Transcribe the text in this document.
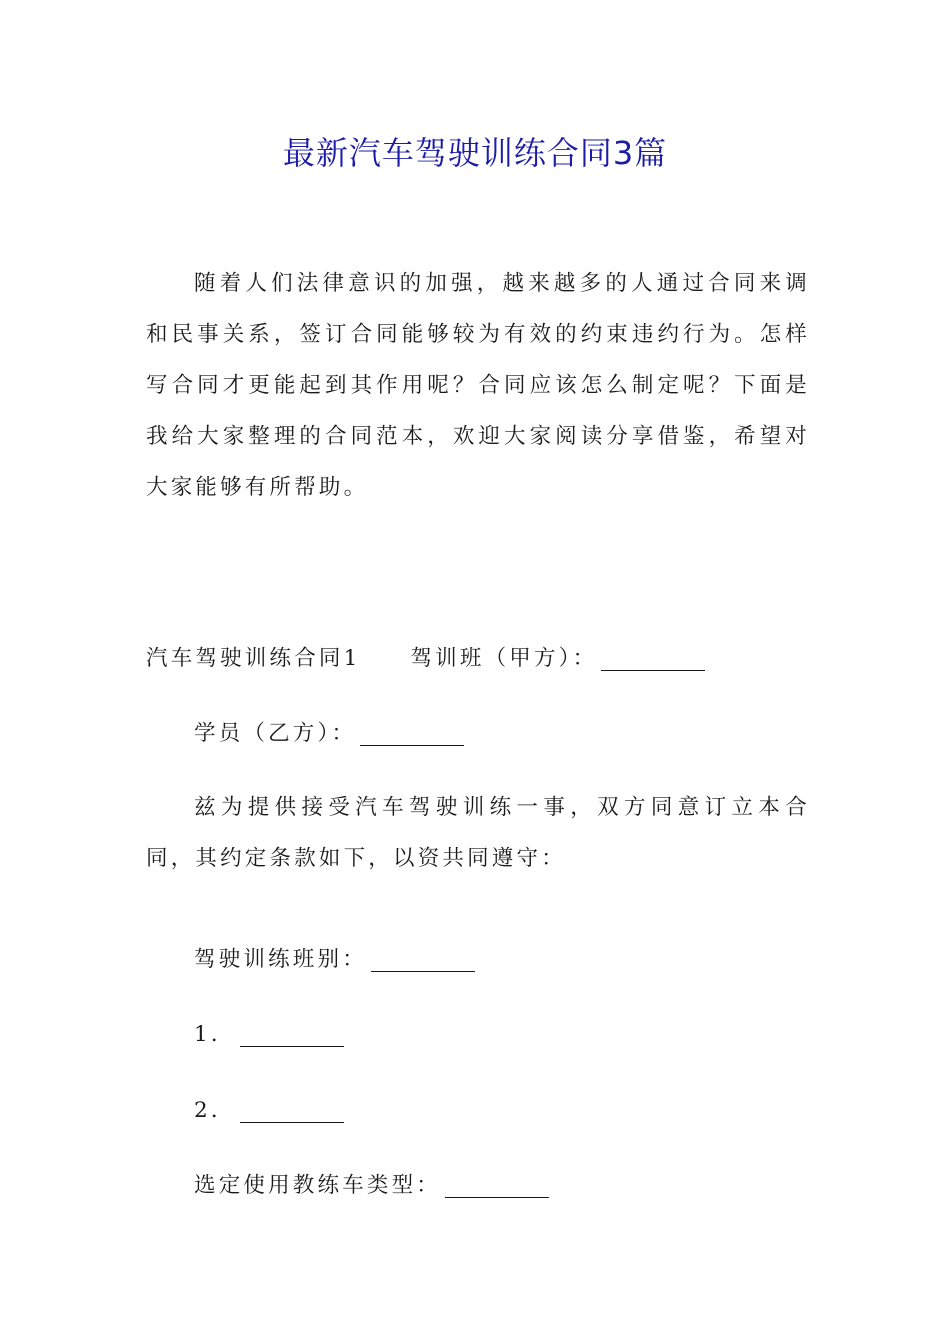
最新汽车驾驶训练合同3篇
随着人们法律意识的加强，越来越多的人通过合同来调和民事关系，签订合同能够较为有效的约束违约行为。怎样写合同才更能起到其作用呢？合同应该怎么制定呢？下面是我给大家整理的合同范本，欢迎大家阅读分享借鉴，希望对大家能够有所帮助。
汽车驾驶训练合同1 驾训班（甲方）：
学员（乙方）：
兹为提供接受汽车驾驶训练一事，双方同意订立本合同，其约定条款如下，以资共同遵守：
驾驶训练班别：
1．
2．
选定使用教练车类型：
